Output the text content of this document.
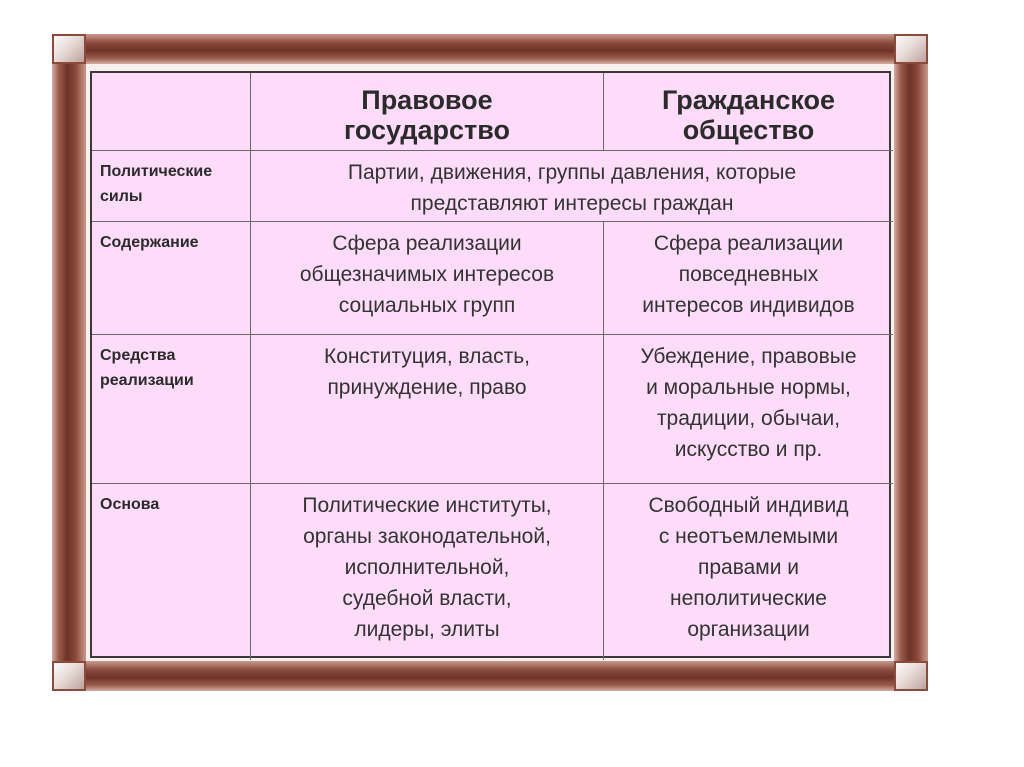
Правовое
государство
Гражданское
общество
Политические
силы
Партии, движения, группы давления, которые
представляют интересы граждан
Содержание	Сфера реализации
общезначимых интересов
социальных групп
Сфера реализации
повседневных
интересов индивидов
Средства
реализации
Конституция, власть,
принуждение, право
Убеждение, правовые
и моральные нормы,
традиции, обычаи,
искусство и пр.
Основа	Политические институты,
органы законодательной,
исполнительной,
судебной власти,
лидеры, элиты
Свободный индивид
с неотъемлемыми
правами и
неполитические
организации
